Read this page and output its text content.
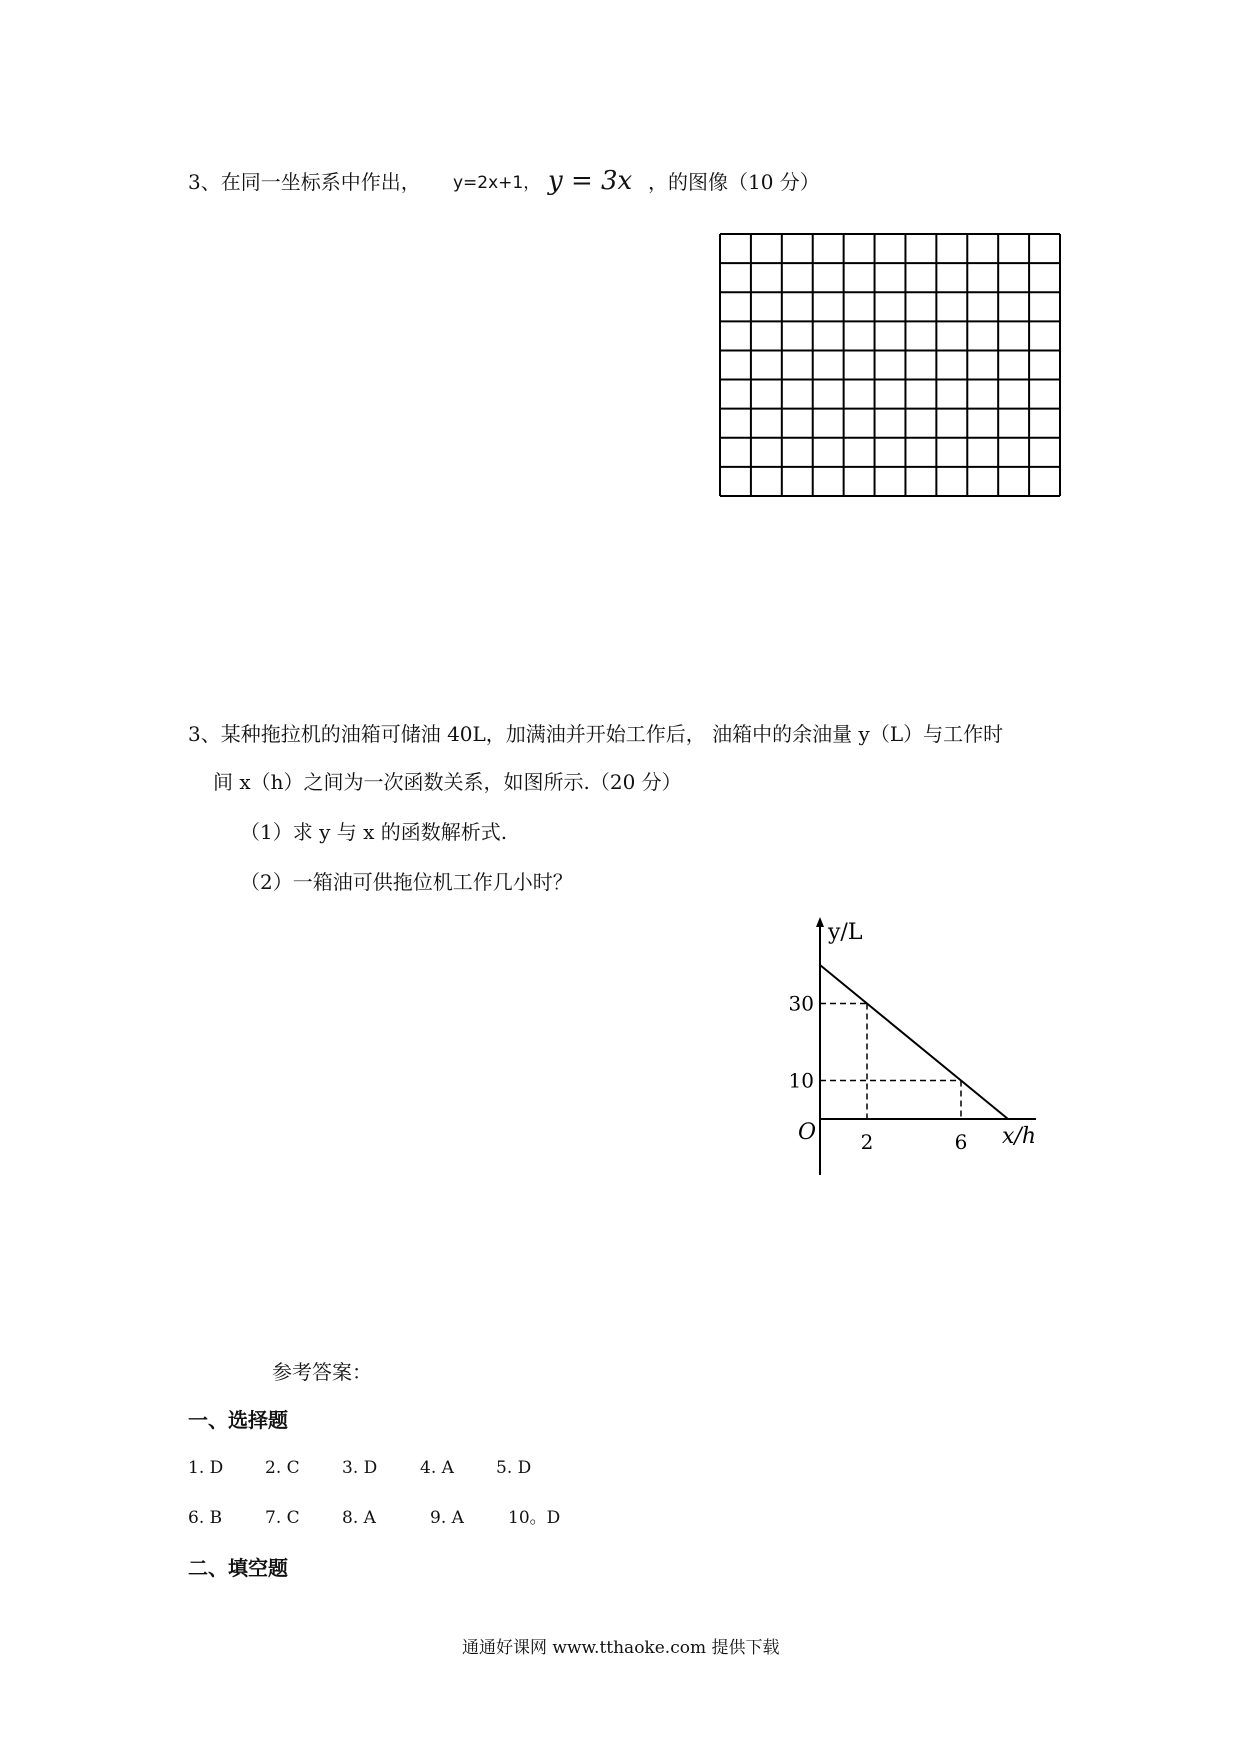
3、在同一坐标系中作出， y=2x+1， y = 3x ，的图像（10 分）
3、某种拖拉机的油箱可储油 40L，加满油并开始工作后， 油箱中的余油量 y（L）与工作时
间 x（h）之间为一次函数关系，如图所示.（20 分）
（1）求 y 与 x 的函数解析式.
（2）一箱油可供拖位机工作几小时？
2	6
30
10
O
y/L
x/h
参考答案：
一、选择题
1. D 2. C 3. D	4. A 5. D
6. B	7. C 8. A	9. A	10。D
二、填空题
通通好课网 www.tthaoke.com 提供下载
